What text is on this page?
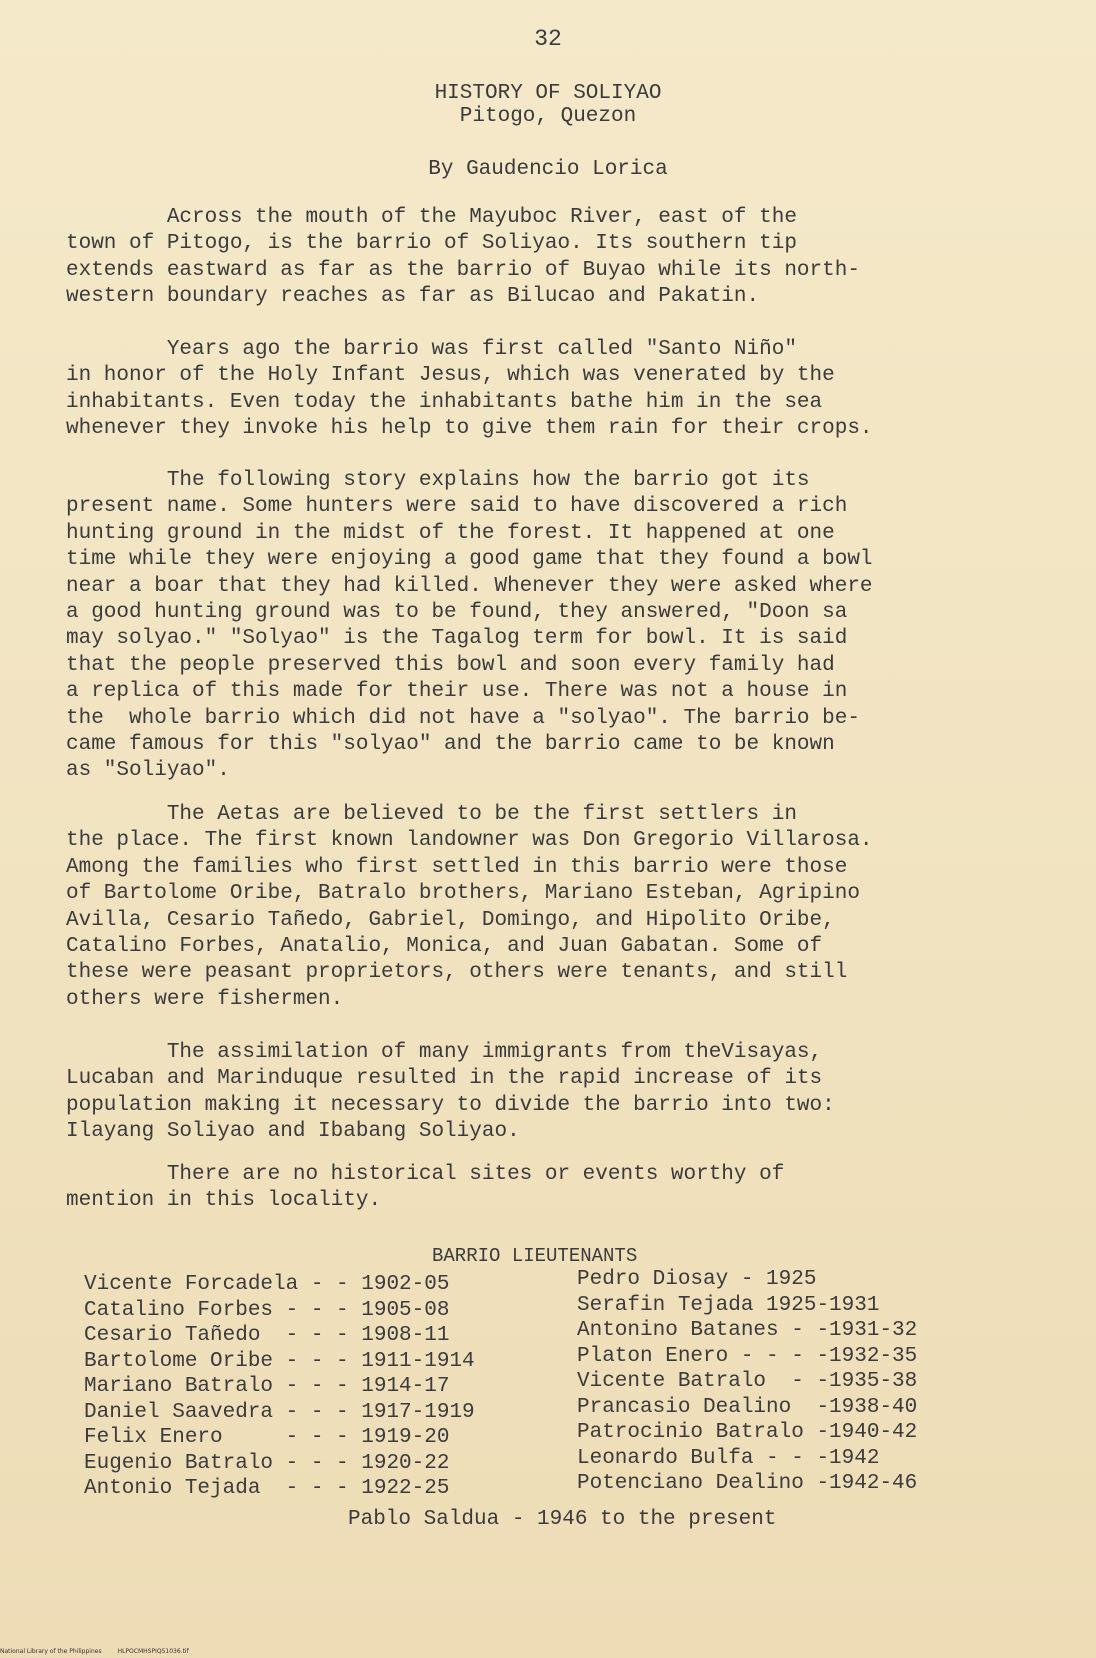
32
HISTORY OF SOLIYAO
Pitogo, Quezon
By Gaudencio Lorica

Across the mouth of the Mayuboc River, east of the
town of Pitogo, is the barrio of Soliyao. Its southern tip
extends eastward as far as the barrio of Buyao while its north-
western boundary reaches as far as Bilucao and Pakatin.

Years ago the barrio was first called "Santo Niño"
in honor of the Holy Infant Jesus, which was venerated by the
inhabitants. Even today the inhabitants bathe him in the sea
whenever they invoke his help to give them rain for their crops.

The following story explains how the barrio got its
present name. Some hunters were said to have discovered a rich
hunting ground in the midst of the forest. It happened at one
time while they were enjoying a good game that they found a bowl
near a boar that they had killed. Whenever they were asked where
a good hunting ground was to be found, they answered, "Doon sa
may solyao." "Solyao" is the Tagalog term for bowl. It is said
that the people preserved this bowl and soon every family had
a replica of this made for their use. There was not a house in
the  whole barrio which did not have a "solyao". The barrio be-
came famous for this "solyao" and the barrio came to be known
as "Soliyao".

The Aetas are believed to be the first settlers in
the place. The first known landowner was Don Gregorio Villarosa.
Among the families who first settled in this barrio were those
of Bartolome Oribe, Batralo brothers, Mariano Esteban, Agripino
Avilla, Cesario Tañedo, Gabriel, Domingo, and Hipolito Oribe,
Catalino Forbes, Anatalio, Monica, and Juan Gabatan. Some of
these were peasant proprietors, others were tenants, and still
others were fishermen.

The assimilation of many immigrants from theVisayas,
Lucaban and Marinduque resulted in the rapid increase of its
population making it necessary to divide the barrio into two:
Ilayang Soliyao and Ibabang Soliyao.

There are no historical sites or events worthy of
mention in this locality.

BARRIO LIEUTENANTS
Vicente Forcadela - - 1902-05
Catalino Forbes - - - 1905-08
Cesario Tañedo  - - - 1908-11
Bartolome Oribe - - - 1911-1914
Mariano Batralo - - - 1914-17
Daniel Saavedra - - - 1917-1919
Felix Enero     - - - 1919-20
Eugenio Batralo - - - 1920-22
Antonio Tejada  - - - 1922-25
Pedro Diosay - 1925
Serafin Tejada 1925-1931
Antonino Batanes - -1931-32
Platon Enero - - - -1932-35
Vicente Batralo  - -1935-38
Prancasio Dealino  -1938-40
Patrocinio Batralo -1940-42
Leonardo Bulfa - - -1942
Potenciano Dealino -1942-46
Pablo Saldua - 1946 to the present
National Library of the Philippines	HLPOCMHSPIQ51036.tif
